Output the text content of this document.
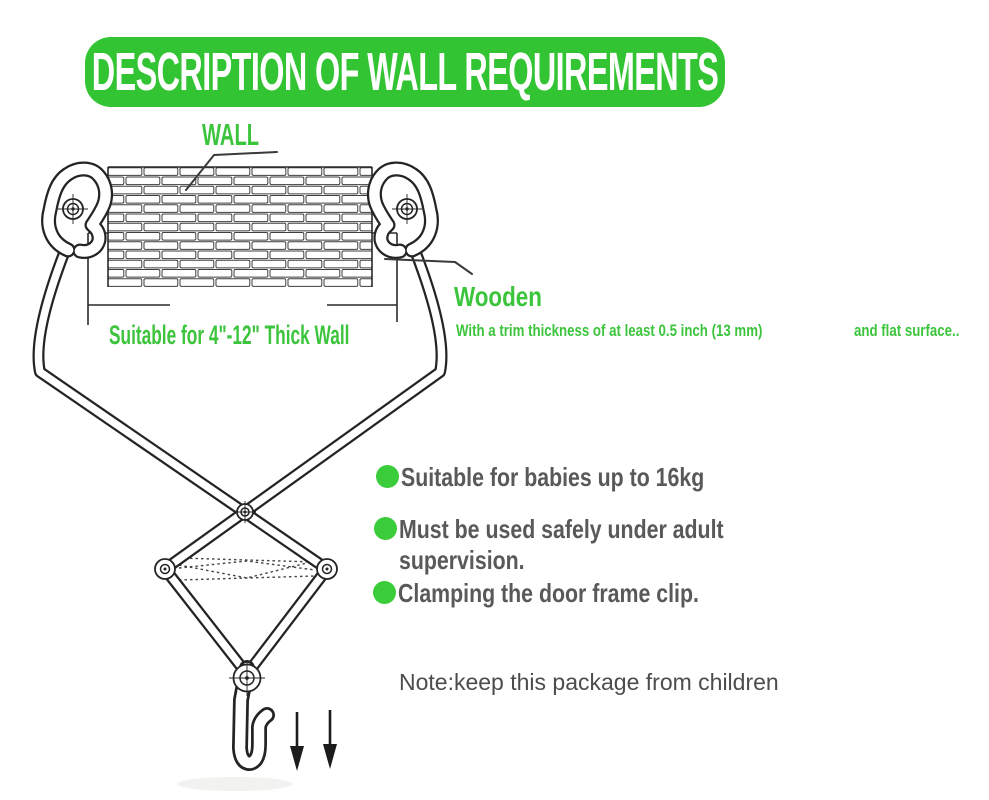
DESCRIPTION OF WALL REQUIREMENTS
WALL
Suitable for 4"-12" Thick Wall
Wooden
With a trim thickness of at least 0.5 inch (13 mm)	and flat surface..
Suitable for babies up to 16kg
Must be used safely under adult
supervision.
Clamping the door frame clip.
Note:keep this package from children
